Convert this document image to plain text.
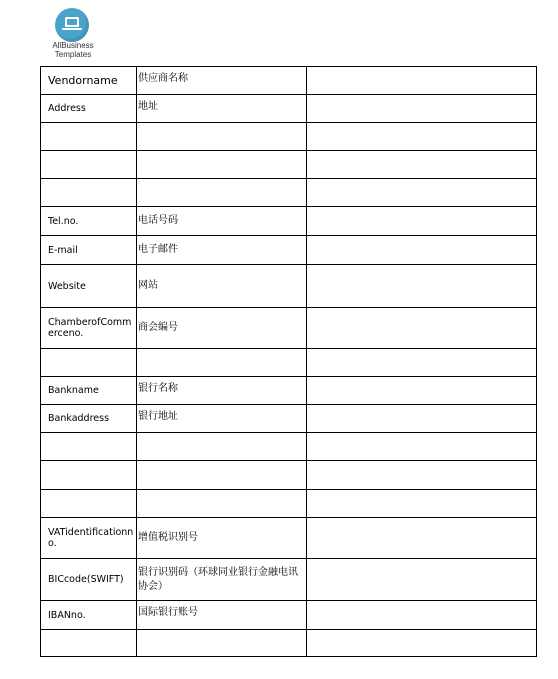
AllBusiness
Templates
Vendorname	供应商名称	
Address	地址	

Tel.no.	电话号码	
E-mail	电子邮件	
Website	网站	
ChamberofCommerceno.	商会编号	

Bankname	银行名称	
Bankaddress	银行地址	

VATidentificationno.	增值税识别号	
BICcode(SWIFT)	银行识别码（环球同业银行金融电讯协会）	
IBANno.	国际银行账号	
